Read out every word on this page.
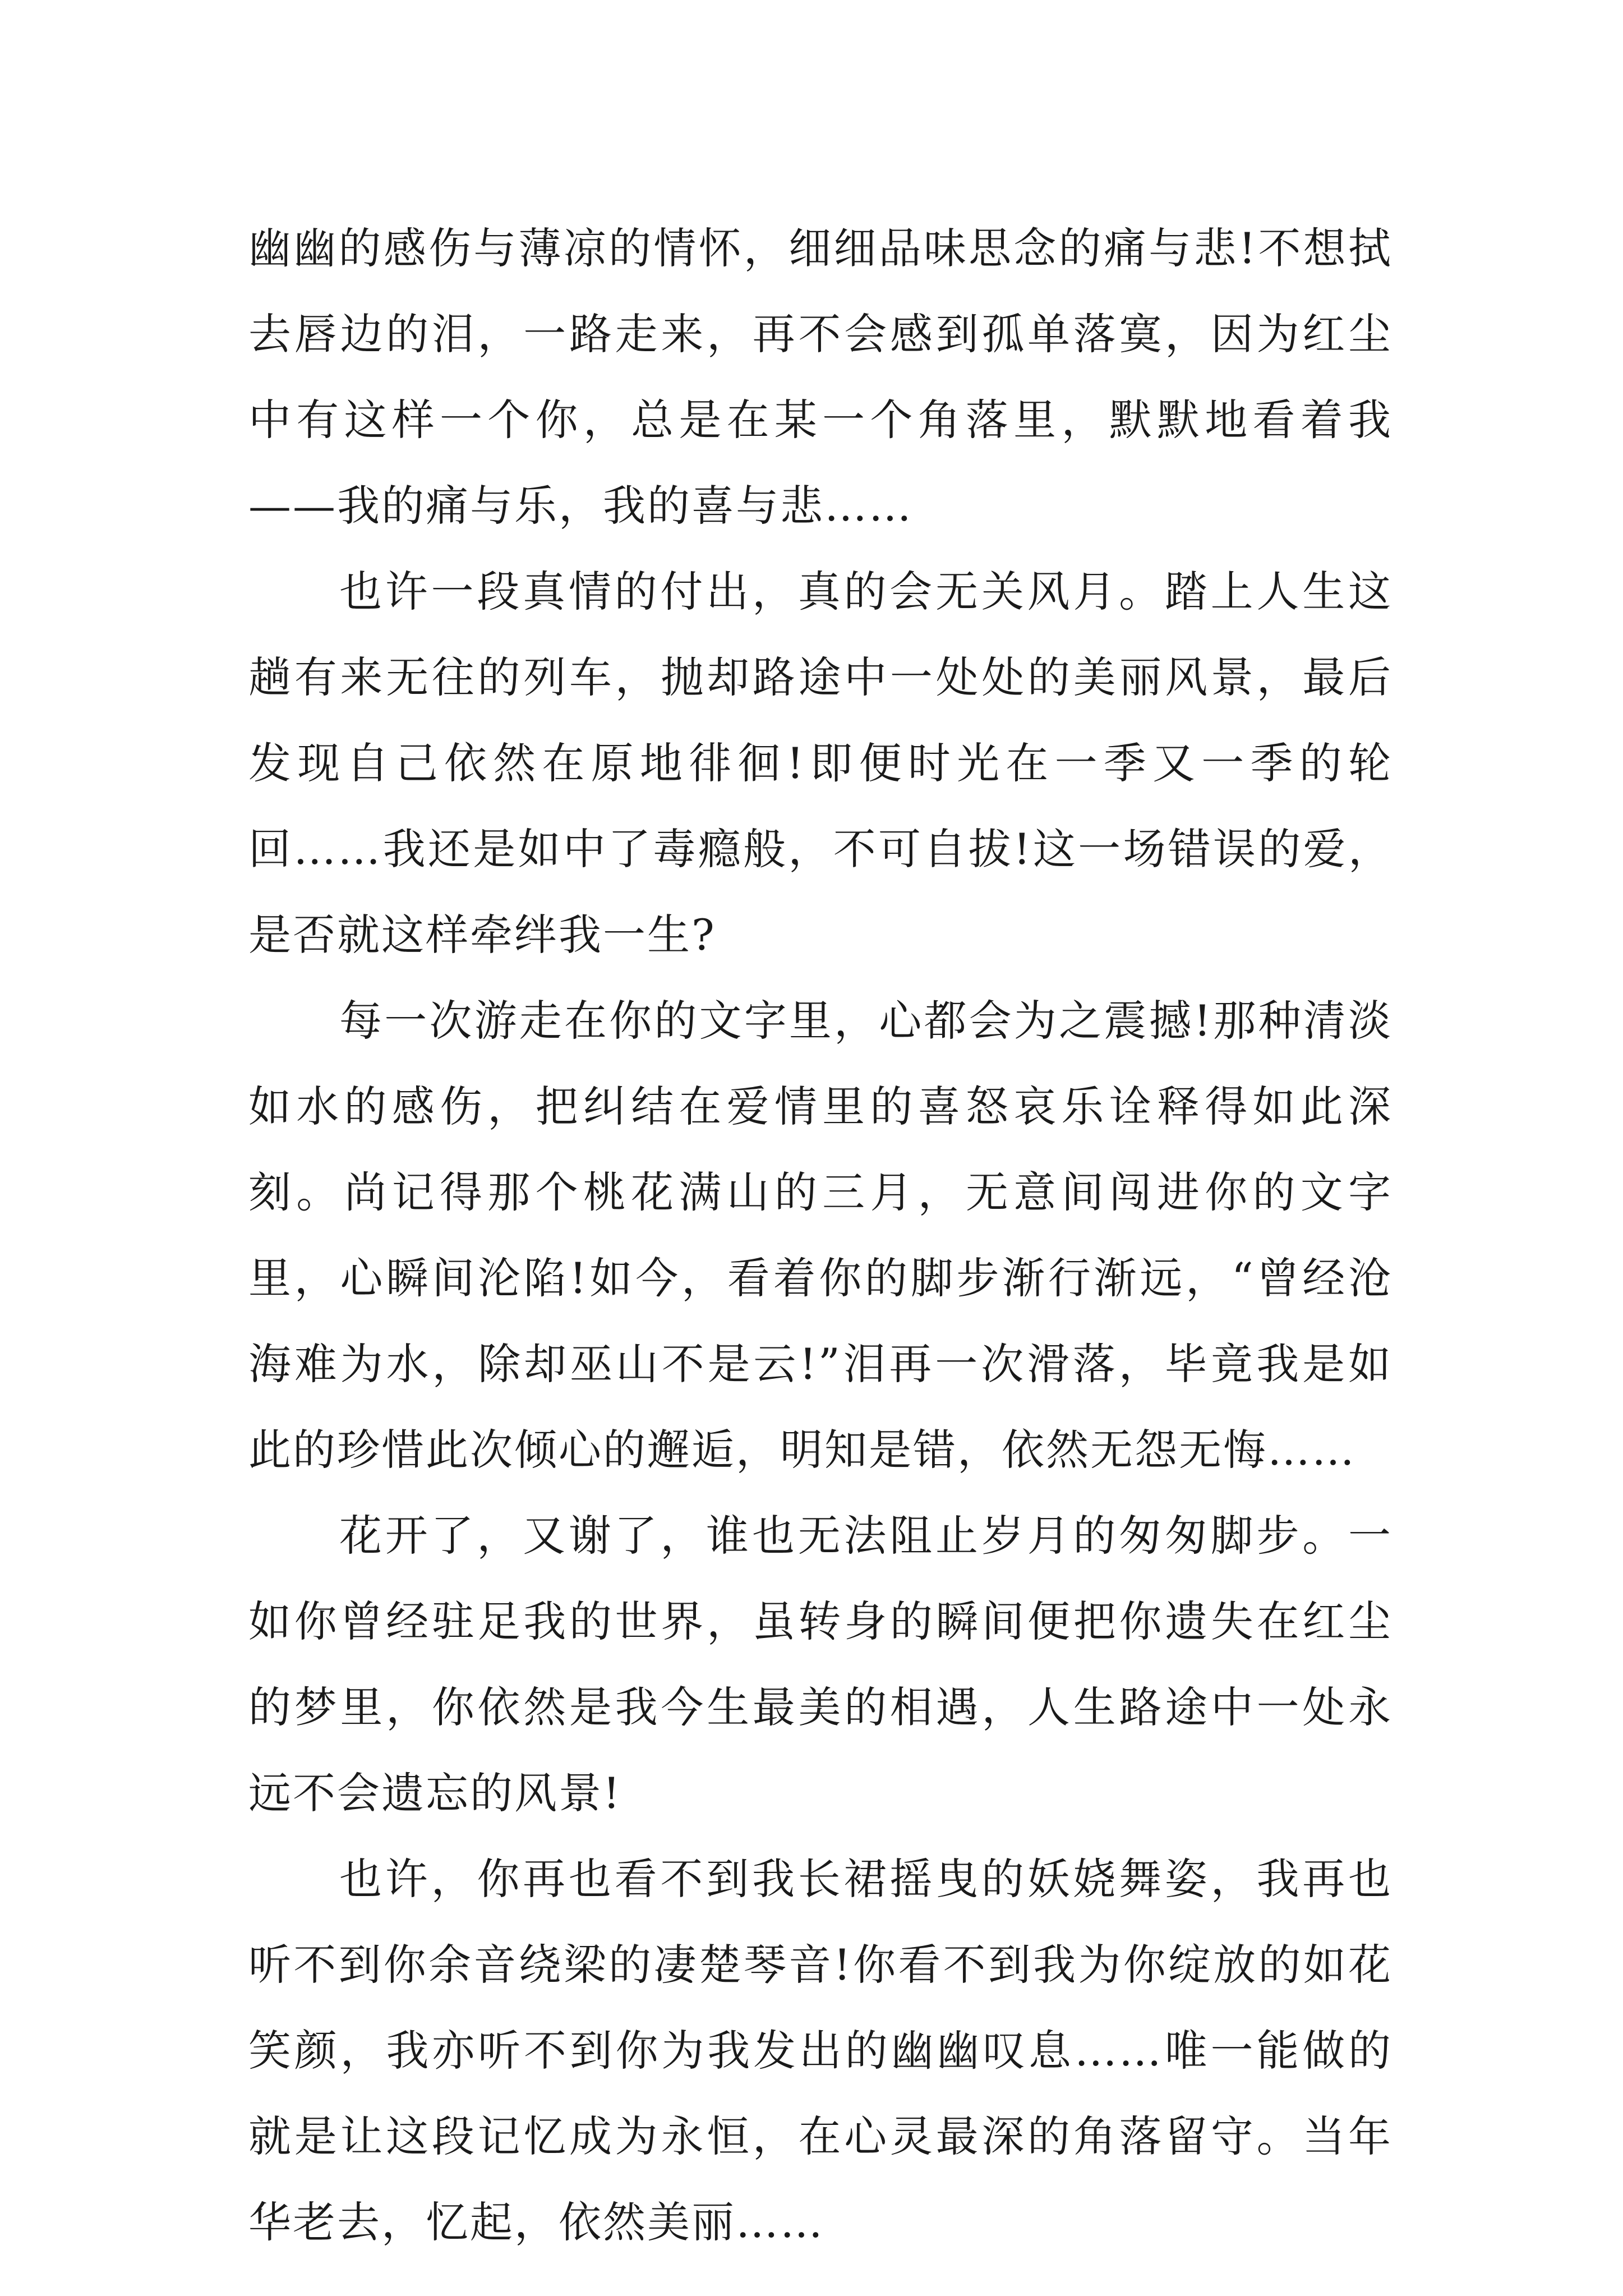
幽幽的感伤与薄凉的情怀，细细品味思念的痛与悲!不想拭去唇边的泪，一路走来，再不会感到孤单落寞，因为红尘中有这样一个你，总是在某一个角落里，默默地看着我——我的痛与乐，我的喜与悲……

也许一段真情的付出，真的会无关风月。踏上人生这趟有来无往的列车，抛却路途中一处处的美丽风景，最后发现自己依然在原地徘徊!即便时光在一季又一季的轮回……我还是如中了毒瘾般，不可自拔!这一场错误的爱，是否就这样牵绊我一生?

每一次游走在你的文字里，心都会为之震撼!那种清淡如水的感伤，把纠结在爱情里的喜怒哀乐诠释得如此深刻。尚记得那个桃花满山的三月，无意间闯进你的文字里，心瞬间沦陷!如今，看着你的脚步渐行渐远，“曾经沧海难为水，除却巫山不是云!”泪再一次滑落，毕竟我是如此的珍惜此次倾心的邂逅，明知是错，依然无怨无悔……

花开了，又谢了，谁也无法阻止岁月的匆匆脚步。一如你曾经驻足我的世界，虽转身的瞬间便把你遗失在红尘的梦里，你依然是我今生最美的相遇，人生路途中一处永远不会遗忘的风景!

也许，你再也看不到我长裙摇曳的妖娆舞姿，我再也听不到你余音绕梁的凄楚琴音!你看不到我为你绽放的如花笑颜，我亦听不到你为我发出的幽幽叹息……唯一能做的就是让这段记忆成为永恒，在心灵最深的角落留守。当年华老去，忆起，依然美丽……
